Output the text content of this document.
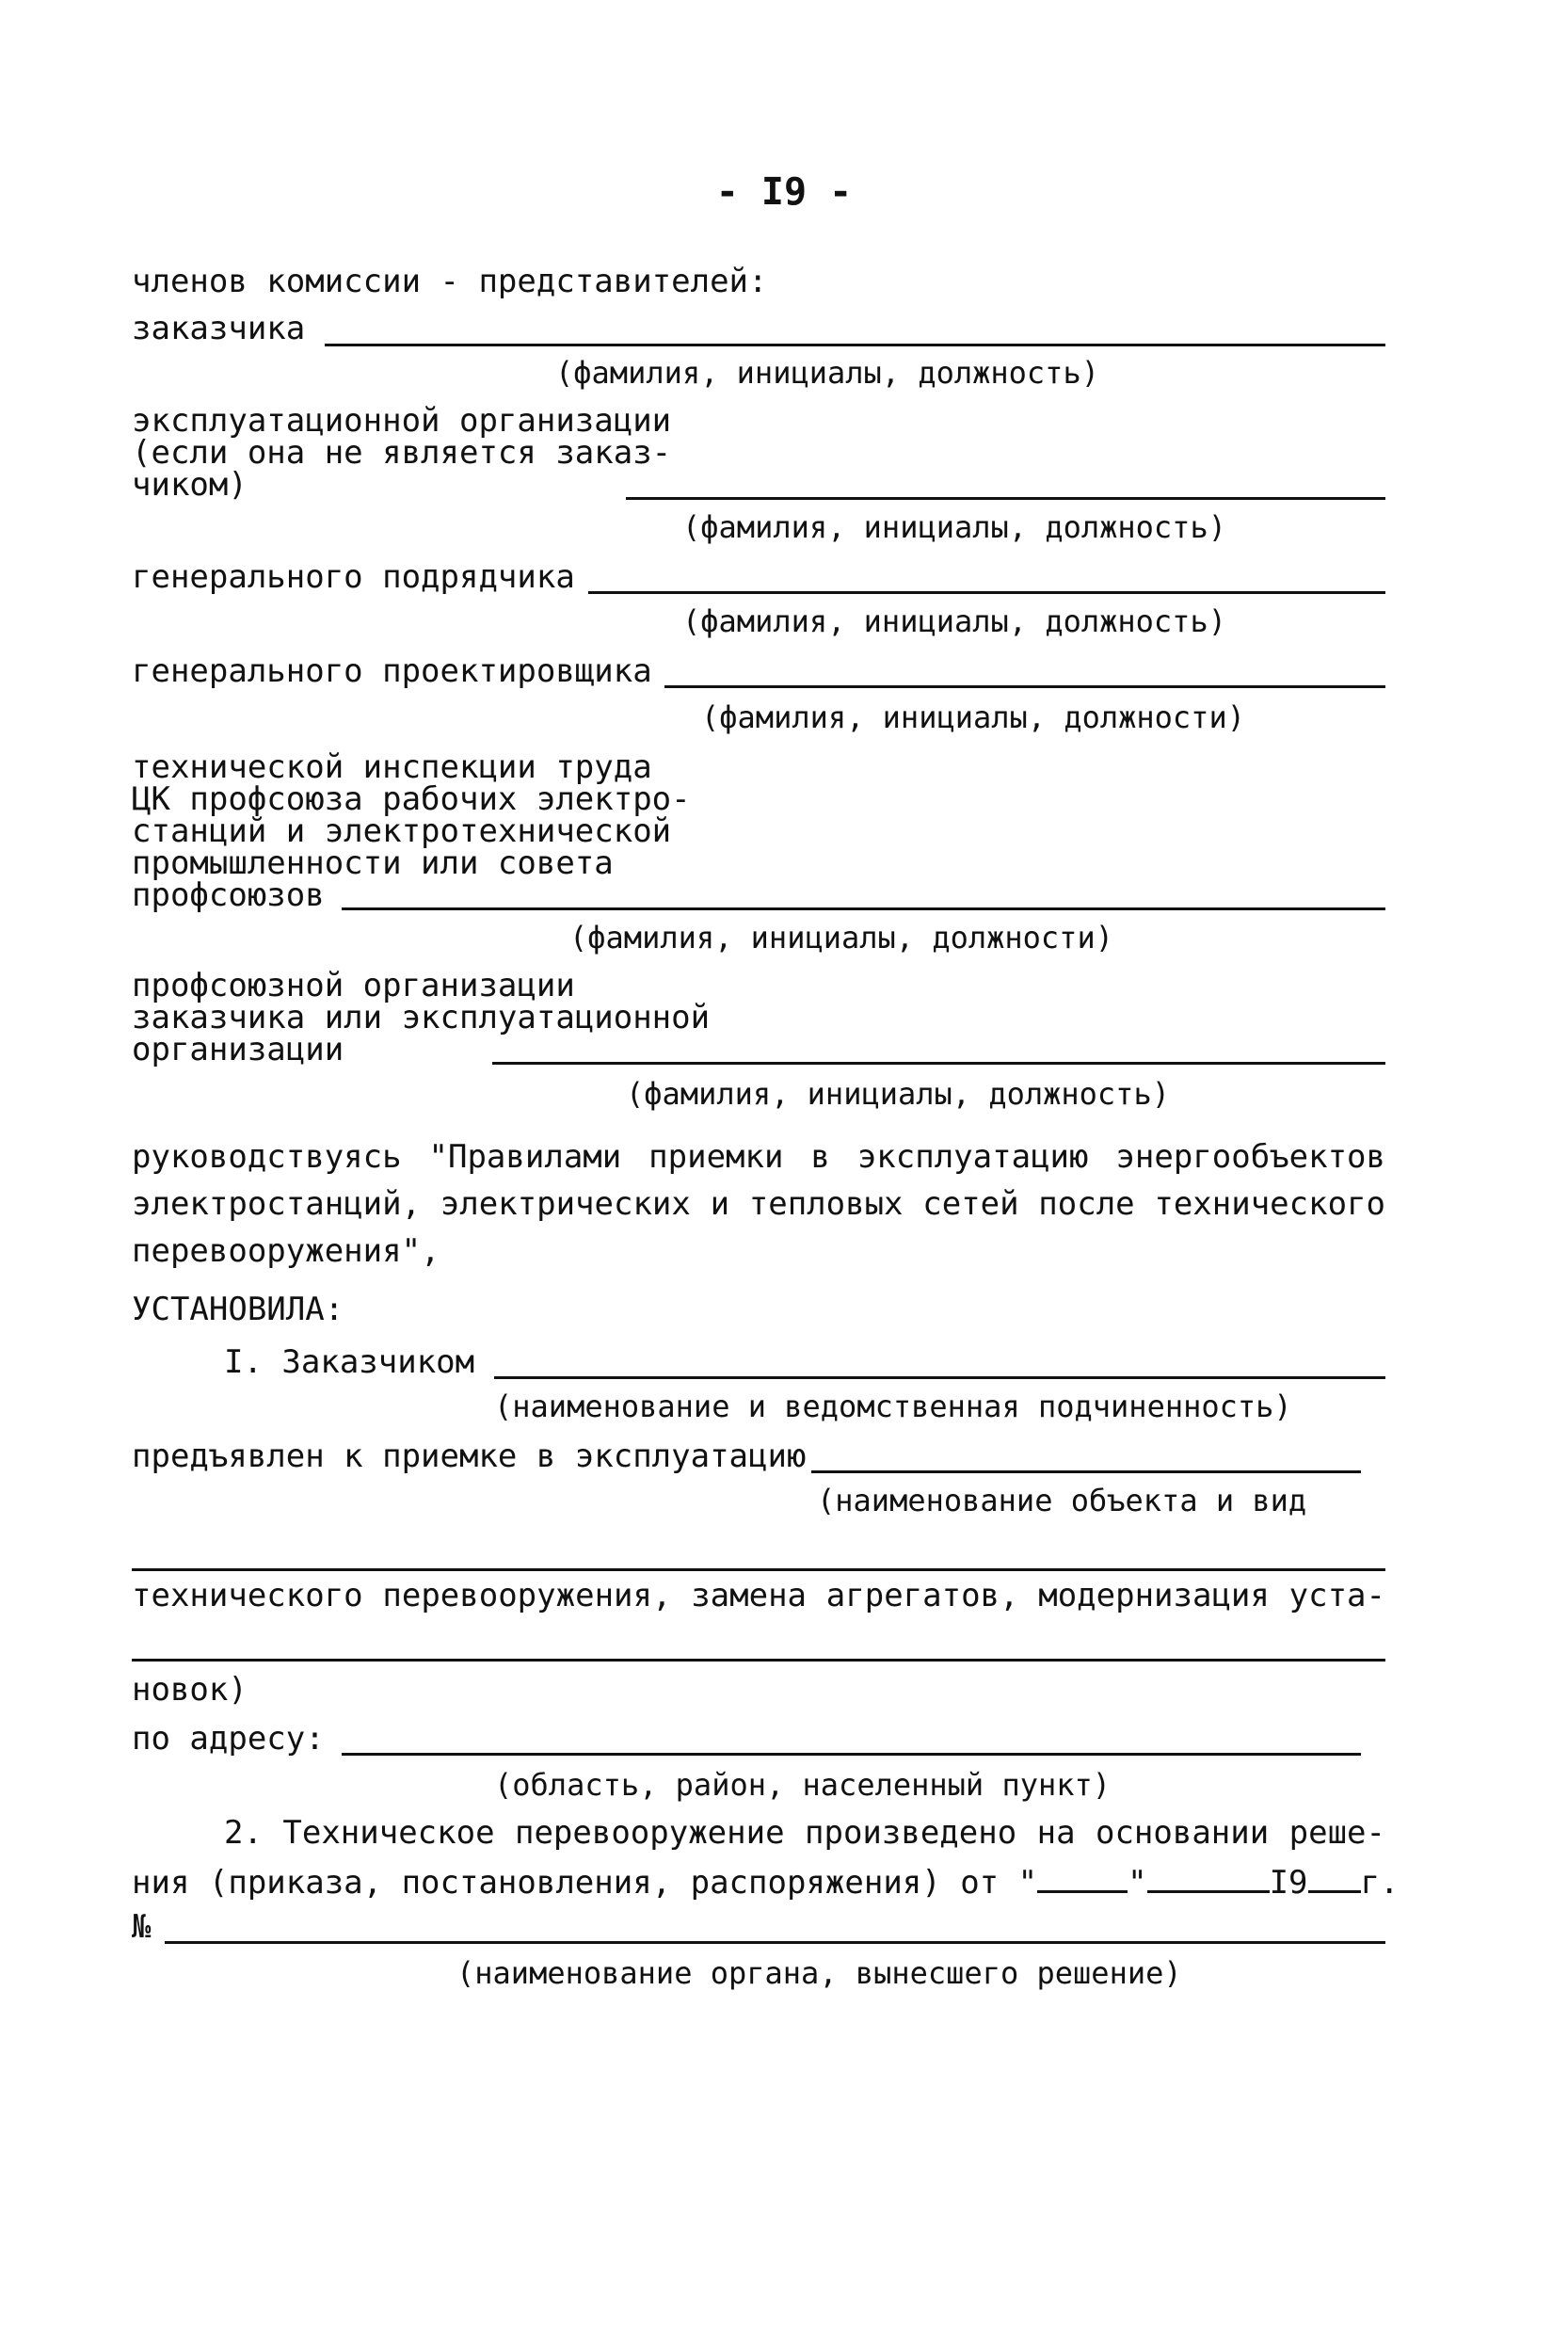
- I9 -
членов комиссии - представителей:
заказчика
(фамилия, инициалы, должность)
эксплуатационной организации
(если она не является заказ-
чиком)
(фамилия, инициалы, должность)
генерального подрядчика
(фамилия, инициалы, должность)
генерального проектировщика
(фамилия, инициалы, должности)
технической инспекции труда
ЦК профсоюза рабочих электро-
станций и электротехнической
промышленности или совета
профсоюзов
(фамилия, инициалы, должности)
профсоюзной организации
заказчика или эксплуатационной
организации
(фамилия, инициалы, должность)
руководствуясь "Правилами приемки в эксплуатацию энергообъектов
электростанций, электрических и тепловых сетей после технического
перевооружения",
УСТАНОВИЛА:
I. Заказчиком
(наименование и ведомственная подчиненность)
предъявлен к приемке в эксплуатацию
(наименование объекта и вид
технического перевооружения, замена агрегатов, модернизация уста-
новок)
по адресу:
(область, район, населенный пункт)
2. Техническое перевооружение произведено на основании реше-
ния (приказа, постановления, распоряжения) от "	"	I9 г.
№
(наименование органа, вынесшего решение)
